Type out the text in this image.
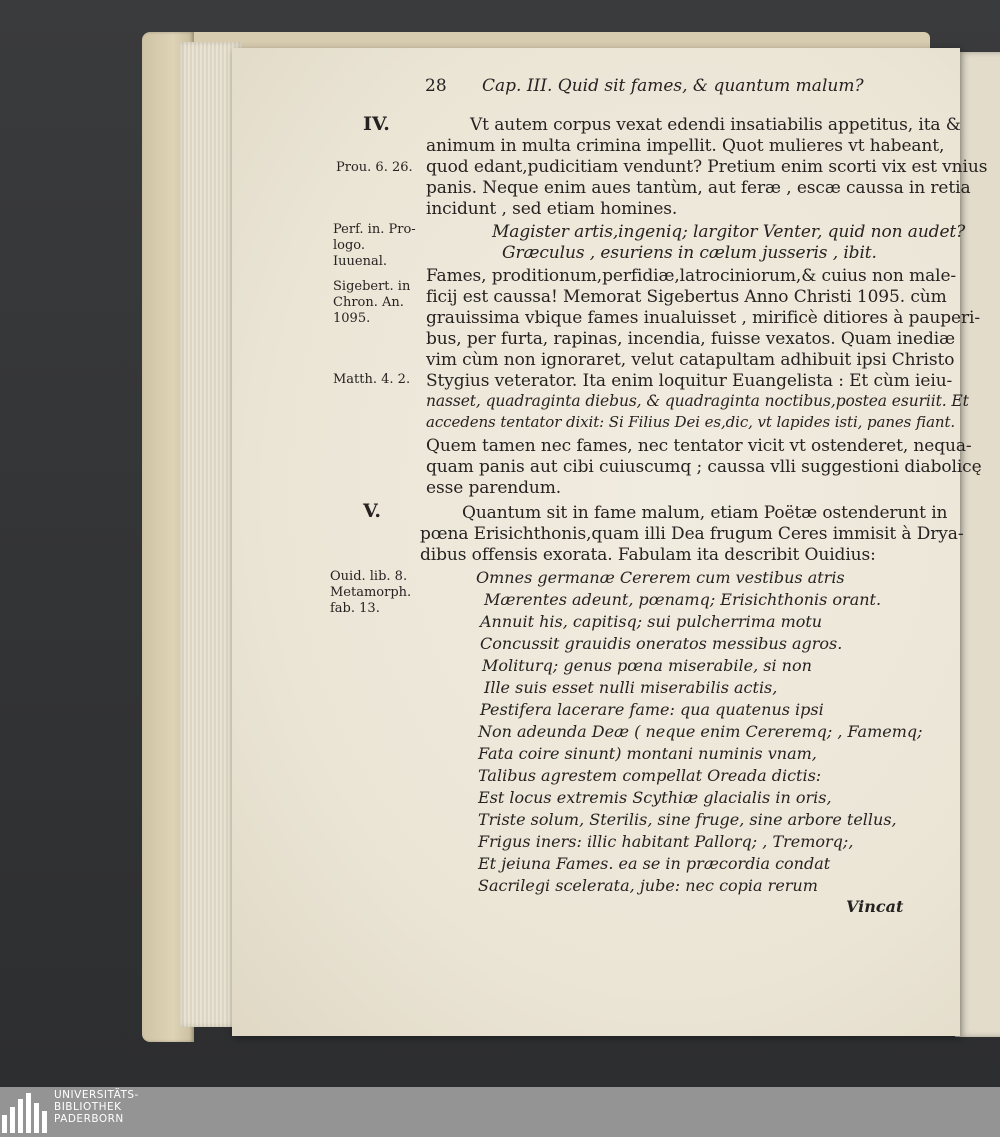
28 Cap. III. Quid sit fames, & quantum malum?
IV.
V.
Prou. 6. 26.
Perf. in. Pro-
logo.
Iuuenal.
Sigebert. in
Chron. An.
1095.
Matth. 4. 2.
Ouid. lib. 8.
Metamorph.
fab. 13.
Vt autem corpus vexat edendi insatiabilis appetitus, ita &
animum in multa crimina impellit. Quot mulieres vt habeant,
quod edant,pudicitiam vendunt? Pretium enim scorti vix est vnius
panis. Neque enim aues tantùm, aut feræ , escæ caussa in retia
incidunt , sed etiam homines.
Magister artis,ingeniq; largitor Venter, quid non audet?
Græculus , esuriens in cælum jusseris , ibit.
Fames, proditionum,perfidiæ,latrociniorum,& cuius non male-
ficij est caussa! Memorat Sigebertus Anno Christi 1095. cùm
grauissima vbique fames inualuisset , mirificè ditiores à pauperi-
bus, per furta, rapinas, incendia, fuisse vexatos. Quam inediæ
vim cùm non ignoraret, velut catapultam adhibuit ipsi Christo
Stygius veterator. Ita enim loquitur Euangelista : Et cùm ieiu-
nasset, quadraginta diebus, & quadraginta noctibus,postea esuriit. Et
accedens tentator dixit: Si Filius Dei es,dic, vt lapides isti, panes fiant.
Quem tamen nec fames, nec tentator vicit vt ostenderet, nequa-
quam panis aut cibi cuiuscumq ; caussa vlli suggestioni diabolicę
esse parendum.
Quantum sit in fame malum, etiam Poëtæ ostenderunt in
pœna Erisichthonis,quam illi Dea frugum Ceres immisit à Drya-
dibus offensis exorata. Fabulam ita describit Ouidius:
Omnes germanæ Cererem cum vestibus atris
Mærentes adeunt, pœnamq; Erisichthonis orant.
Annuit his, capitisq; sui pulcherrima motu
Concussit grauidis oneratos messibus agros.
Moliturq; genus pœna miserabile, si non
Ille suis esset nulli miserabilis actis,
Pestifera lacerare fame: qua quatenus ipsi
Non adeunda Deæ ( neque enim Cereremq; , Famemq;
Fata coire sinunt) montani numinis vnam,
Talibus agrestem compellat Oreada dictis:
Est locus extremis Scythiæ glacialis in oris,
Triste solum, Sterilis, sine fruge, sine arbore tellus,
Frigus iners: illic habitant Pallorq; , Tremorq;,
Et jeiuna Fames. ea se in præcordia condat
Sacrilegi scelerata, jube: nec copia rerum
Vincat
UNIVERSITÄTS-
BIBLIOTHEK
PADERBORN
